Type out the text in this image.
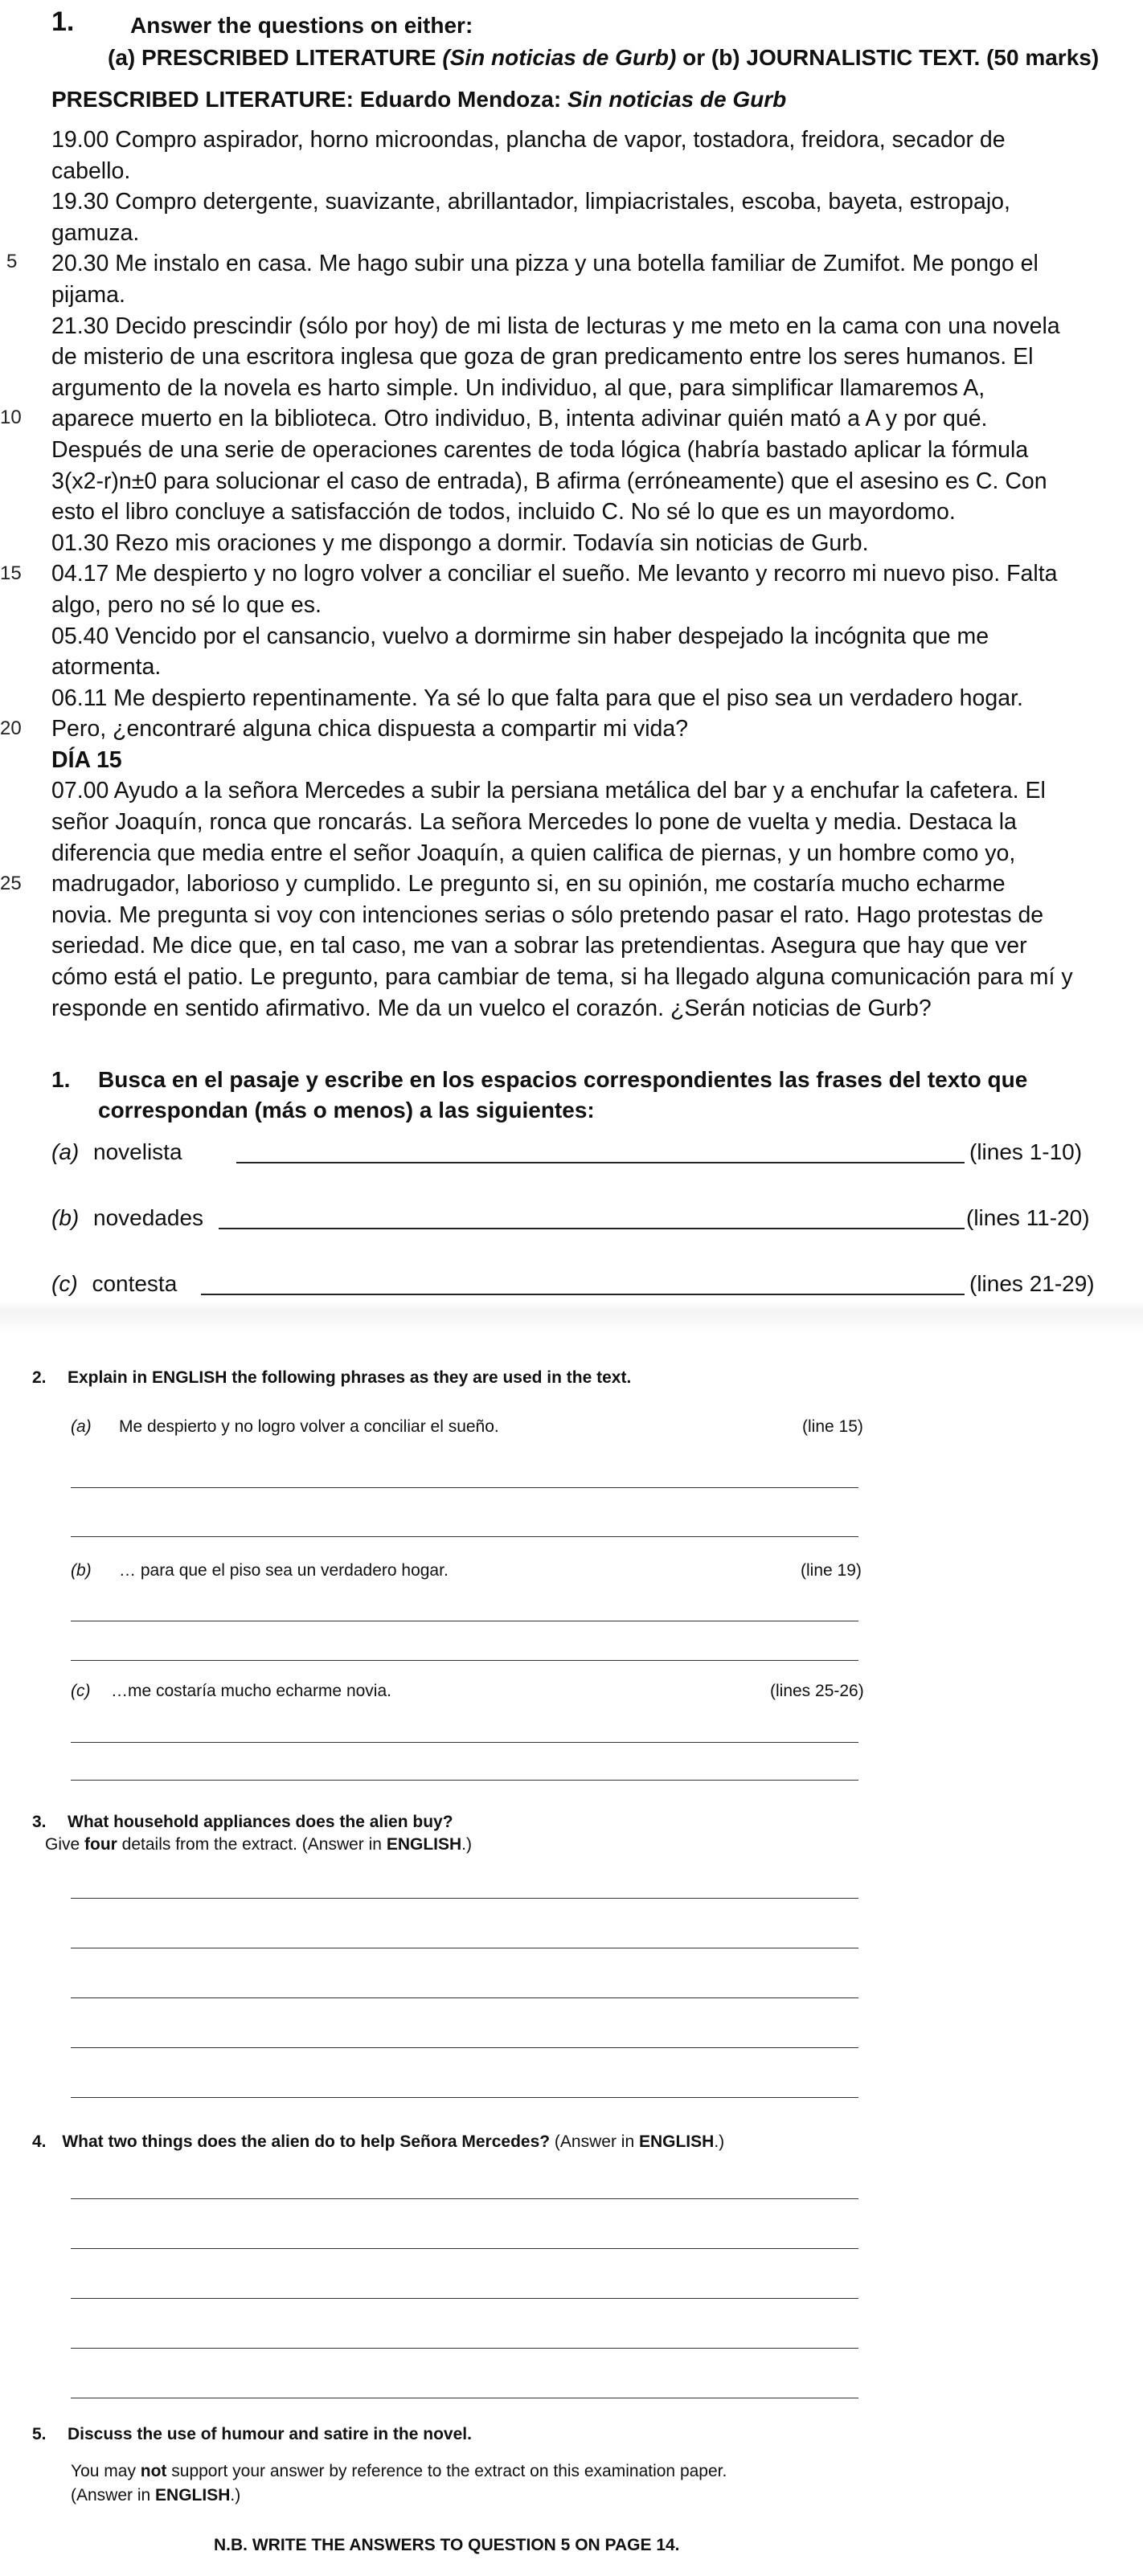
1. Answer the questions on either:
(a) PRESCRIBED LITERATURE (Sin noticias de Gurb) or (b) JOURNALISTIC TEXT. (50 marks)
PRESCRIBED LITERATURE: Eduardo Mendoza: Sin noticias de Gurb
5
10
15
20
25
19.00 Compro aspirador, horno microondas, plancha de vapor, tostadora, freidora, secador de
cabello.
19.30 Compro detergente, suavizante, abrillantador, limpiacristales, escoba, bayeta, estropajo,
gamuza.
20.30 Me instalo en casa. Me hago subir una pizza y una botella familiar de Zumifot. Me pongo el
pijama.
21.30 Decido prescindir (sólo por hoy) de mi lista de lecturas y me meto en la cama con una novela
de misterio de una escritora inglesa que goza de gran predicamento entre los seres humanos. El
argumento de la novela es harto simple. Un individuo, al que, para simplificar llamaremos A,
aparece muerto en la biblioteca. Otro individuo, B, intenta adivinar quién mató a A y por qué.
Después de una serie de operaciones carentes de toda lógica (habría bastado aplicar la fórmula
3(x2-r)n±0 para solucionar el caso de entrada), B afirma (erróneamente) que el asesino es C. Con
esto el libro concluye a satisfacción de todos, incluido C. No sé lo que es un mayordomo.
01.30 Rezo mis oraciones y me dispongo a dormir. Todavía sin noticias de Gurb.
04.17 Me despierto y no logro volver a conciliar el sueño. Me levanto y recorro mi nuevo piso. Falta
algo, pero no sé lo que es.
05.40 Vencido por el cansancio, vuelvo a dormirme sin haber despejado la incógnita que me
atormenta.
06.11 Me despierto repentinamente. Ya sé lo que falta para que el piso sea un verdadero hogar.
Pero, ¿encontraré alguna chica dispuesta a compartir mi vida?
DÍA 15
07.00 Ayudo a la señora Mercedes a subir la persiana metálica del bar y a enchufar la cafetera. El
señor Joaquín, ronca que roncarás. La señora Mercedes lo pone de vuelta y media. Destaca la
diferencia que media entre el señor Joaquín, a quien califica de piernas, y un hombre como yo,
madrugador, laborioso y cumplido. Le pregunto si, en su opinión, me costaría mucho echarme
novia. Me pregunta si voy con intenciones serias o sólo pretendo pasar el rato. Hago protestas de
seriedad. Me dice que, en tal caso, me van a sobrar las pretendientas. Asegura que hay que ver
cómo está el patio. Le pregunto, para cambiar de tema, si ha llegado alguna comunicación para mí y
responde en sentido afirmativo. Me da un vuelco el corazón. ¿Serán noticias de Gurb?
1. Busca en el pasaje y escribe en los espacios correspondientes las frases del texto que
correspondan (más o menos) a las siguientes:
(a) novelista	(lines 1-10)
(b) novedades	(lines 11-20)
(c) contesta	(lines 21-29)
2. Explain in ENGLISH the following phrases as they are used in the text.
(a) Me despierto y no logro volver a conciliar el sueño.	(line 15)
(b) … para que el piso sea un verdadero hogar.	(line 19)
(c) …me costaría mucho echarme novia.	(lines 25-26)
3. What household appliances does the alien buy?
Give four details from the extract. (Answer in ENGLISH.)
4. What two things does the alien do to help Señora Mercedes? (Answer in ENGLISH.)
5. Discuss the use of humour and satire in the novel.
You may not support your answer by reference to the extract on this examination paper.
(Answer in ENGLISH.)
N.B. WRITE THE ANSWERS TO QUESTION 5 ON PAGE 14.
